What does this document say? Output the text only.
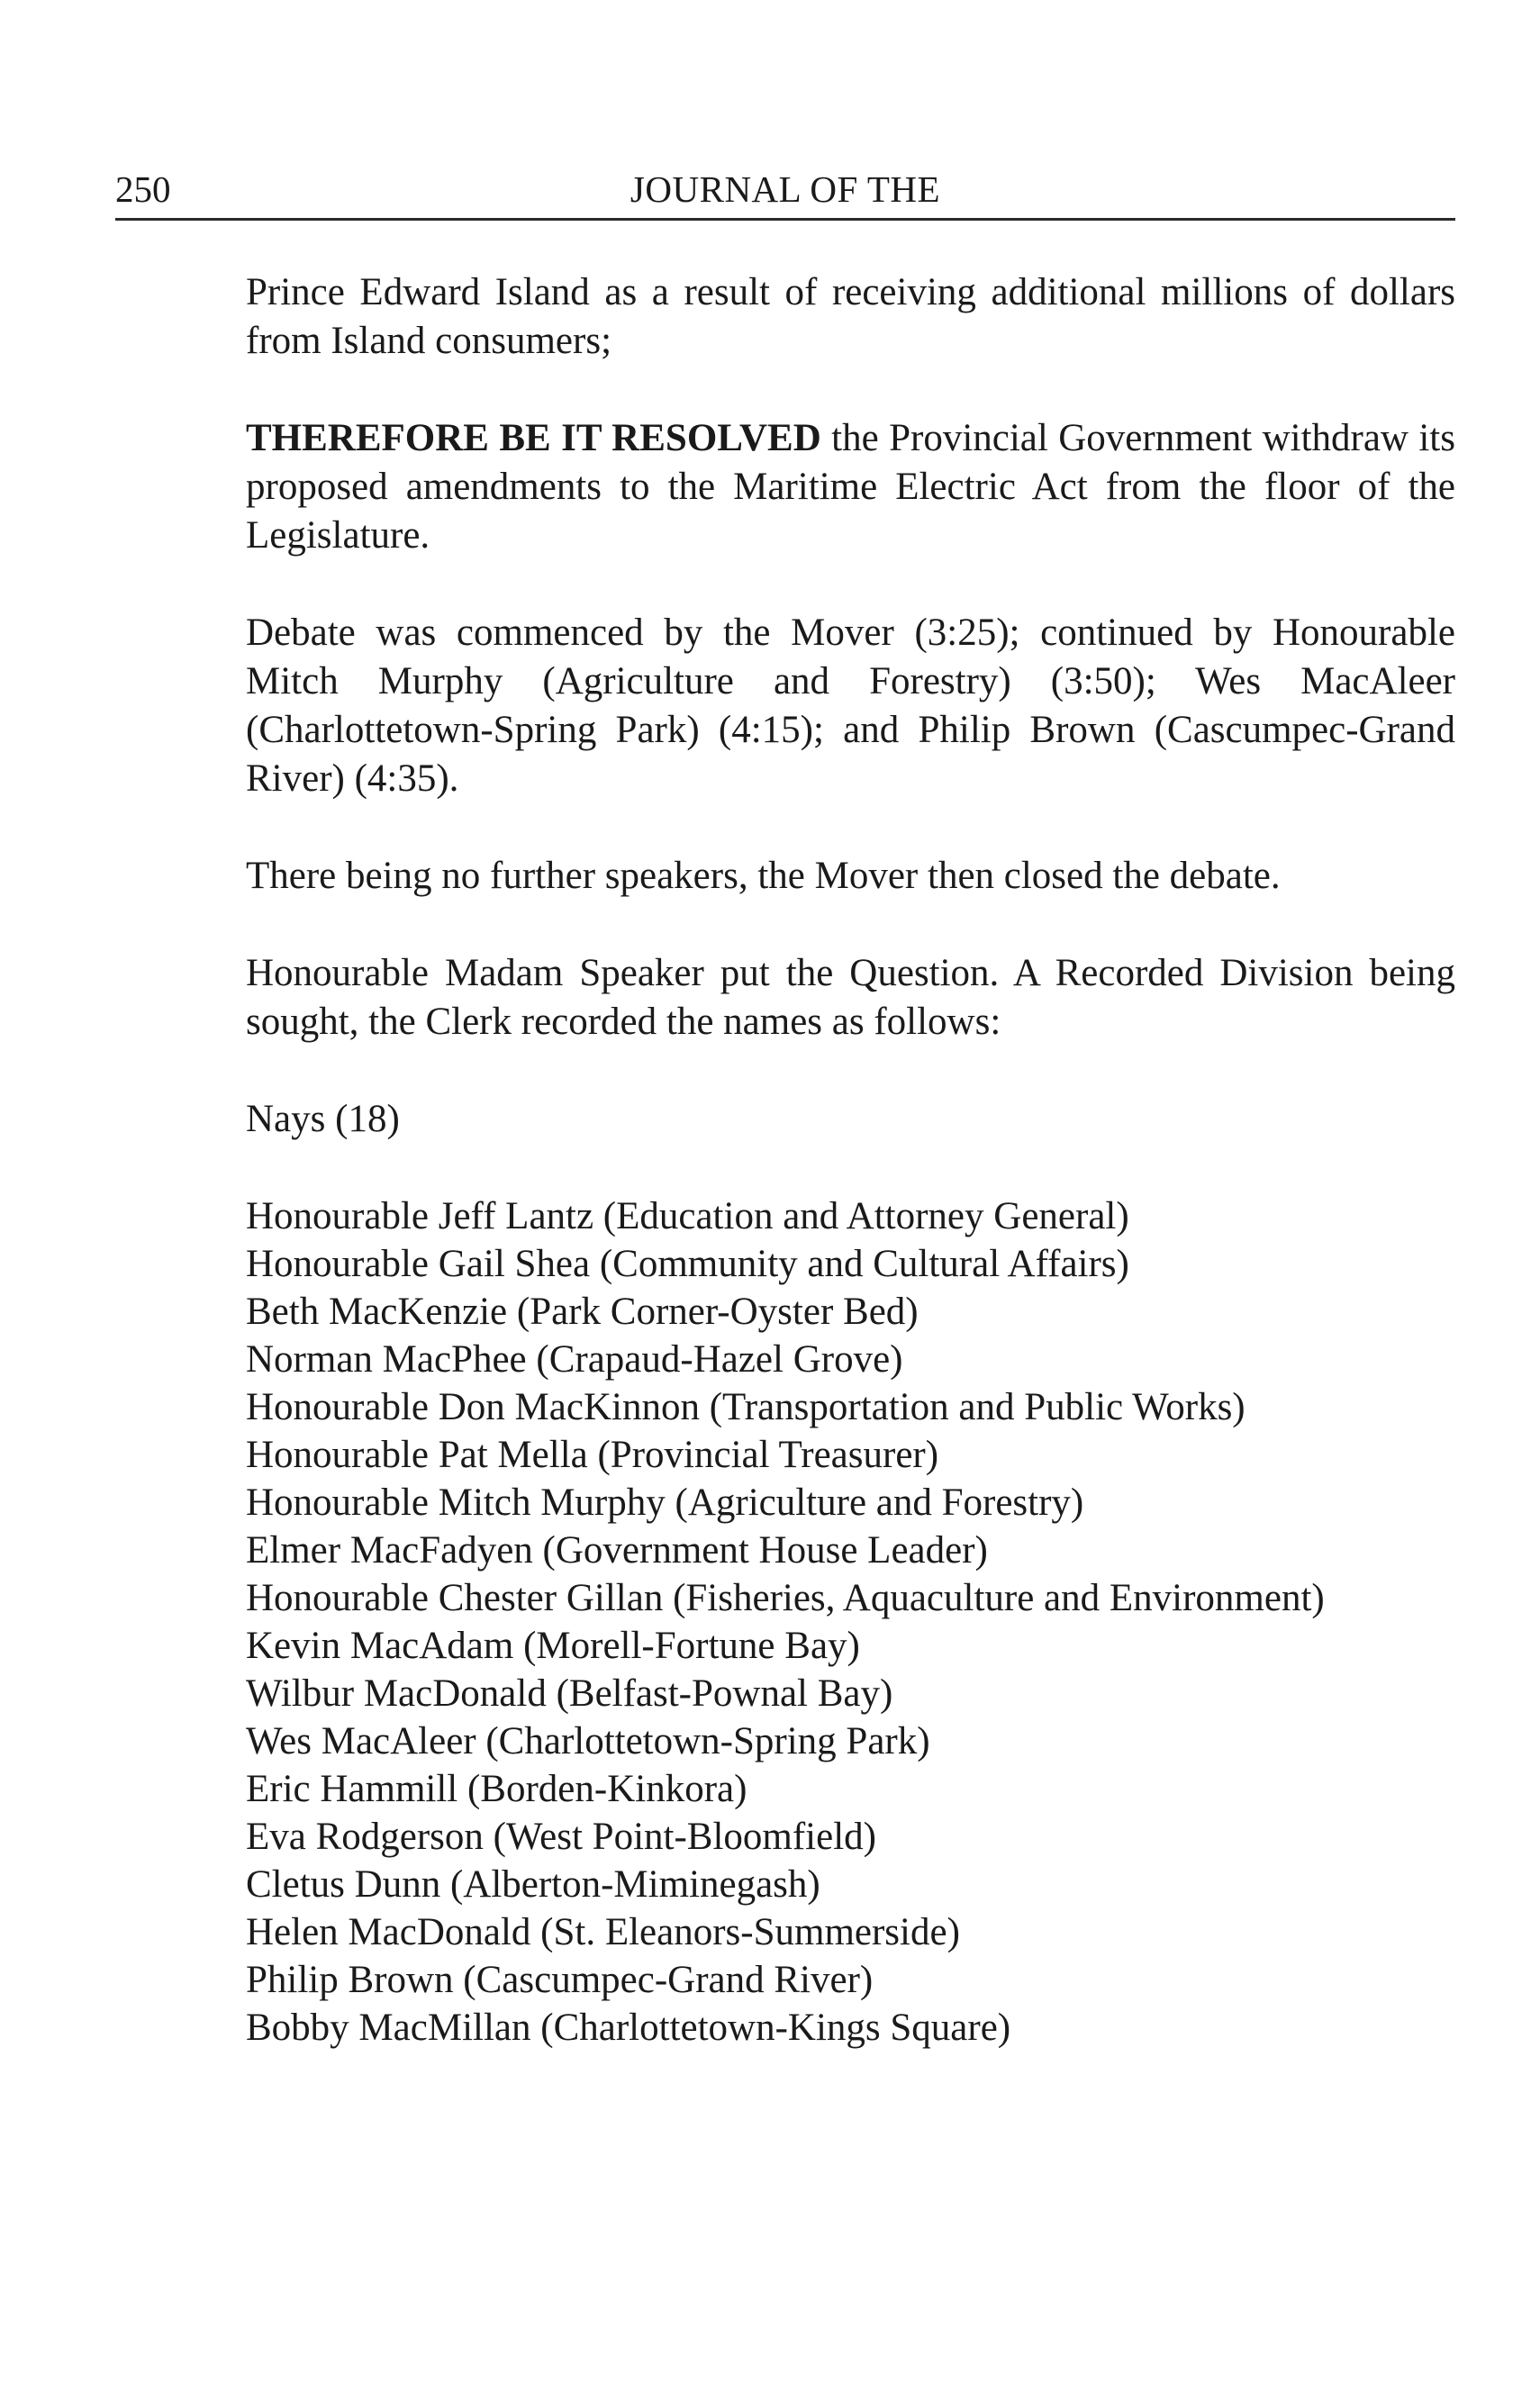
250	JOURNAL OF THE

Prince Edward Island as a result of receiving additional millions of dollars from Island consumers;

THEREFORE BE IT RESOLVED the Provincial Government withdraw its proposed amendments to the Maritime Electric Act from the floor of the Legislature.

Debate was commenced by the Mover (3:25); continued by Honourable Mitch Murphy (Agriculture and Forestry) (3:50); Wes MacAleer (Charlottetown-Spring Park) (4:15); and Philip Brown (Cascumpec-Grand River) (4:35).

There being no further speakers, the Mover then closed the debate.

Honourable Madam Speaker put the Question. A Recorded Division being sought, the Clerk recorded the names as follows:

Nays (18)
Honourable Jeff Lantz (Education and Attorney General)
Honourable Gail Shea (Community and Cultural Affairs)
Beth MacKenzie (Park Corner-Oyster Bed)
Norman MacPhee (Crapaud-Hazel Grove)
Honourable Don MacKinnon (Transportation and Public Works)
Honourable Pat Mella (Provincial Treasurer)
Honourable Mitch Murphy (Agriculture and Forestry)
Elmer MacFadyen (Government House Leader)
Honourable Chester Gillan (Fisheries, Aquaculture and Environment)
Kevin MacAdam (Morell-Fortune Bay)
Wilbur MacDonald (Belfast-Pownal Bay)
Wes MacAleer (Charlottetown-Spring Park)
Eric Hammill (Borden-Kinkora)
Eva Rodgerson (West Point-Bloomfield)
Cletus Dunn (Alberton-Miminegash)
Helen MacDonald (St. Eleanors-Summerside)
Philip Brown (Cascumpec-Grand River)
Bobby MacMillan (Charlottetown-Kings Square)
